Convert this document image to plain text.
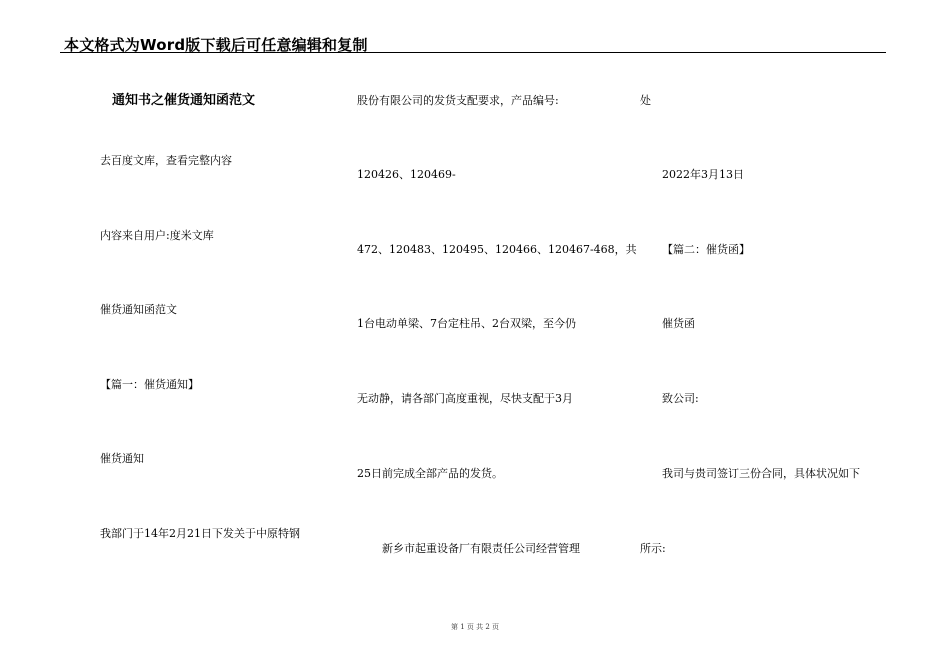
本文格式为Word版下载后可任意编辑和复制
通知书之催货通知函范文
去百度文库，查看完整内容
内容来自用户:度米文库
催货通知函范文
【篇一：催货通知】
催货通知
我部门于14年2月21日下发关于中原特钢
股份有限公司的发货支配要求，产品编号:
120426、120469-
472、120483、120495、120466、120467-468，共
1台电动单梁、7台定柱吊、2台双梁，至今仍
无动静，请各部门高度重视，尽快支配于3月
25日前完成全部产品的发货。
新乡市起重设备厂有限责任公司经营管理
处
2022年3月13日
【篇二：催货函】
催货函
致公司:
我司与贵司签订三份合同，具体状况如下
所示:
第 1 页 共 2 页
